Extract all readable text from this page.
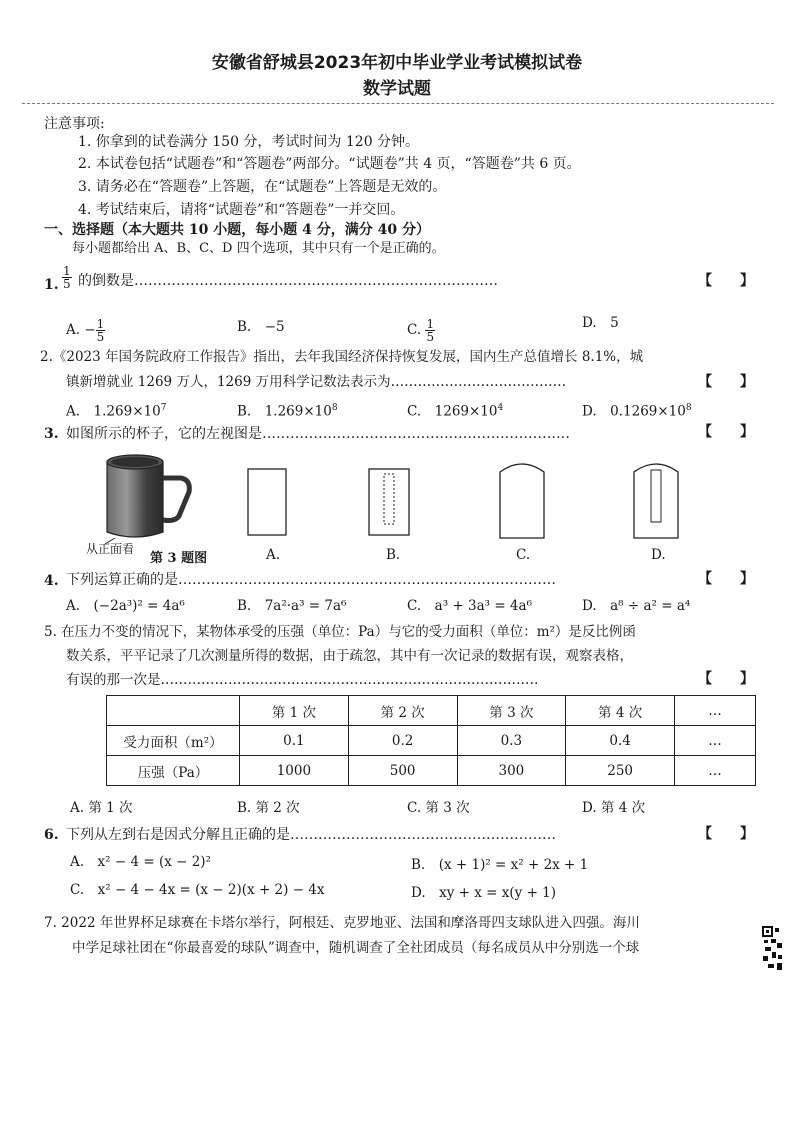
安徽省舒城县2023年初中毕业学业考试模拟试卷
数学试题
注意事项:
1. 你拿到的试卷满分 150 分，考试时间为 120 分钟。
2. 本试卷包括“试题卷”和“答题卷”两部分。“试题卷”共 4 页，“答题卷”共 6 页。
3. 请务必在“答题卷”上答题，在“试题卷”上答题是无效的。
4. 考试结束后，请将“试题卷”和“答题卷”一并交回。
一、选择题（本大题共 10 小题，每小题 4 分，满分 40 分）
每小题都给出 A、B、C、D 四个选项，其中只有一个是正确的。
1. $\frac{1}{5}$ 的倒数是……………………………………………………………………	【　　】
A. − $\frac{1}{5}$	B.　−5	C. $\frac{1}{5}$	D.　5
2.《2023 年国务院政府工作报告》指出，去年我国经济保持恢复发展，国内生产总值增长 8.1%，城
镇新增就业 1269 万人，1269 万用科学记数法表示为…………………………………	【　　】
A.　$1.269\times 10^7$	B.　$1.269\times 10^8$	C.　$1269\times 10^4$	D.　$0.1269\times 10^8$
3. 如图所示的杯子，它的左视图是…………………………………………………………	【　　】
从正面看
第 3 题图	A.	B.	C.	D.
4. 下列运算正确的是………………………………………………………………………	【　　】
A.　(−2a³)² = 4a⁶	B.　7a²·a³ = 7a⁶	C.　a³ + 3a³ = 4a⁶	D.　a⁸ ÷ a² = a⁴
5. 在压力不变的情况下，某物体承受的压强（单位：Pa）与它的受力面积（单位：m²）是反比例函
数关系，平平记录了几次测量所得的数据，由于疏忽，其中有一次记录的数据有误，观察表格，
有误的那一次是…………………………………………………………………………	【　　】
	第 1 次	第 2 次	第 3 次	第 4 次	…
受力面积（m²）	0.1	0.2	0.3	0.4	…
压强（Pa）	1000	500	300	250	…
A. 第 1 次	B. 第 2 次	C. 第 3 次	D. 第 4 次
6. 下列从左到右是因式分解且正确的是…………………………………………………	【　　】
A.　x² − 4 = (x − 2)²	B.　(x + 1)² = x² + 2x + 1
C.　x² − 4 − 4x = (x − 2)(x + 2) − 4x	D.　xy + x = x(y + 1)
7. 2022 年世界杯足球赛在卡塔尔举行，阿根廷、克罗地亚、法国和摩洛哥四支球队进入四强。海川
中学足球社团在“你最喜爱的球队”调查中，随机调查了全社团成员（每名成员从中分别选一个球
